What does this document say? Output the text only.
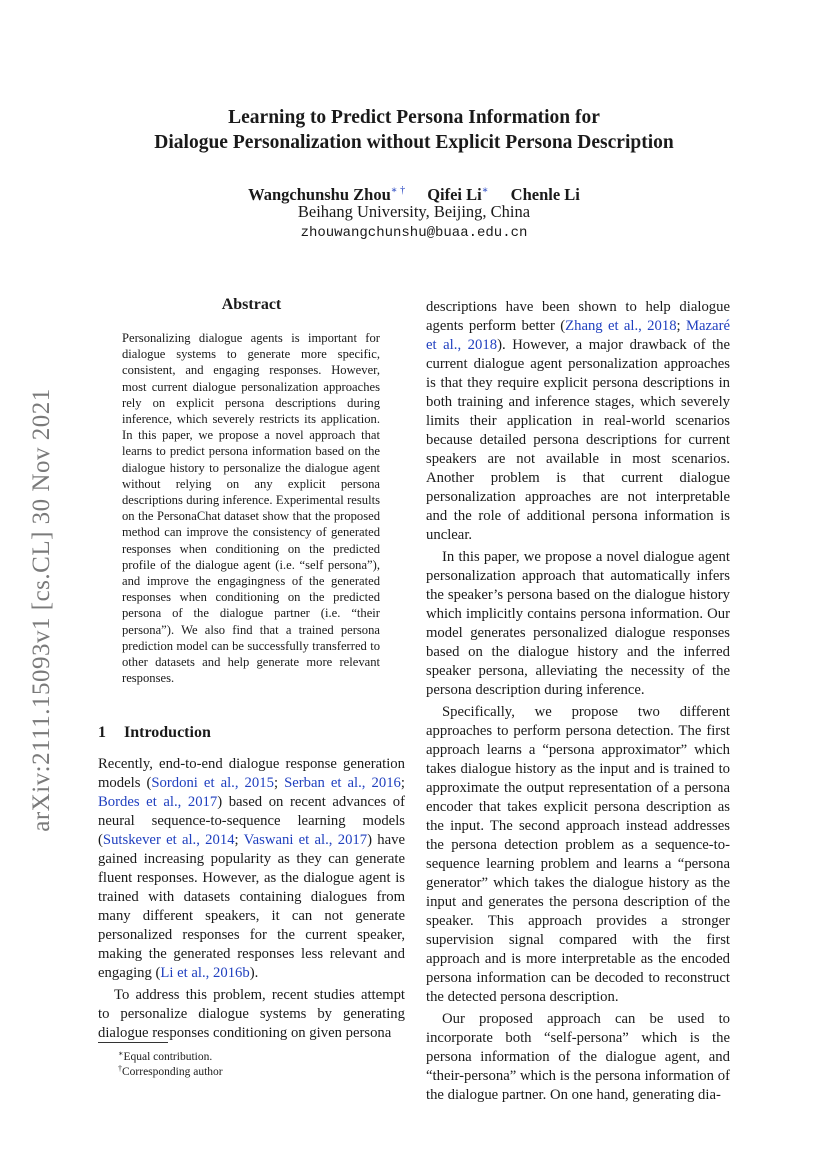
arXiv:2111.15093v1 [cs.CL] 30 Nov 2021
Learning to Predict Persona Information for
Dialogue Personalization without Explicit Persona Description
Wangchunshu Zhou∗ † Qifei Li∗ Chenle Li
Beihang University, Beijing, China
zhouwangchunshu@buaa.edu.cn
Abstract
Personalizing dialogue agents is important for dialogue systems to generate more specific, consistent, and engaging responses. However, most current dialogue personalization approaches rely on explicit persona descriptions during inference, which severely restricts its application. In this paper, we propose a novel approach that learns to predict persona information based on the dialogue history to personalize the dialogue agent without relying on any explicit persona descriptions during inference. Experimental results on the PersonaChat dataset show that the proposed method can improve the consistency of generated responses when conditioning on the predicted profile of the dialogue agent (i.e. “self persona”), and improve the engagingness of the generated responses when conditioning on the predicted persona of the dialogue partner (i.e. “their persona”). We also find that a trained persona prediction model can be successfully transferred to other datasets and help generate more relevant responses.
1 Introduction

Recently, end-to-end dialogue response generation models (Sordoni et al., 2015; Serban et al., 2016; Bordes et al., 2017) based on recent advances of neural sequence-to-sequence learning models (Sutskever et al., 2014; Vaswani et al., 2017) have gained increasing popularity as they can generate fluent responses. However, as the dialogue agent is trained with datasets containing dialogues from many different speakers, it can not generate personalized responses for the current speaker, making the generated responses less relevant and engaging (Li et al., 2016b).

To address this problem, recent studies attempt to personalize dialogue systems by generating dialogue responses conditioning on given persona

∗Equal contribution.
†Corresponding author

descriptions have been shown to help dialogue agents perform better (Zhang et al., 2018; Mazaré et al., 2018). However, a major drawback of the current dialogue agent personalization approaches is that they require explicit persona descriptions in both training and inference stages, which severely limits their application in real-world scenarios because detailed persona descriptions for current speakers are not available in most scenarios. Another problem is that current dialogue personalization approaches are not interpretable and the role of additional persona information is unclear.

In this paper, we propose a novel dialogue agent personalization approach that automatically infers the speaker’s persona based on the dialogue history which implicitly contains persona information. Our model generates personalized dialogue responses based on the dialogue history and the inferred speaker persona, alleviating the necessity of the persona description during inference.

Specifically, we propose two different approaches to perform persona detection. The first approach learns a “persona approximator” which takes dialogue history as the input and is trained to approximate the output representation of a persona encoder that takes explicit persona description as the input. The second approach instead addresses the persona detection problem as a sequence-to-sequence learning problem and learns a “persona generator” which takes the dialogue history as the input and generates the persona description of the speaker. This approach provides a stronger supervision signal compared with the first approach and is more interpretable as the encoded persona information can be decoded to reconstruct the detected persona description.

Our proposed approach can be used to incorporate both “self-persona” which is the persona information of the dialogue agent, and “their-persona” which is the persona information of the dialogue partner. On one hand, generating dia-
